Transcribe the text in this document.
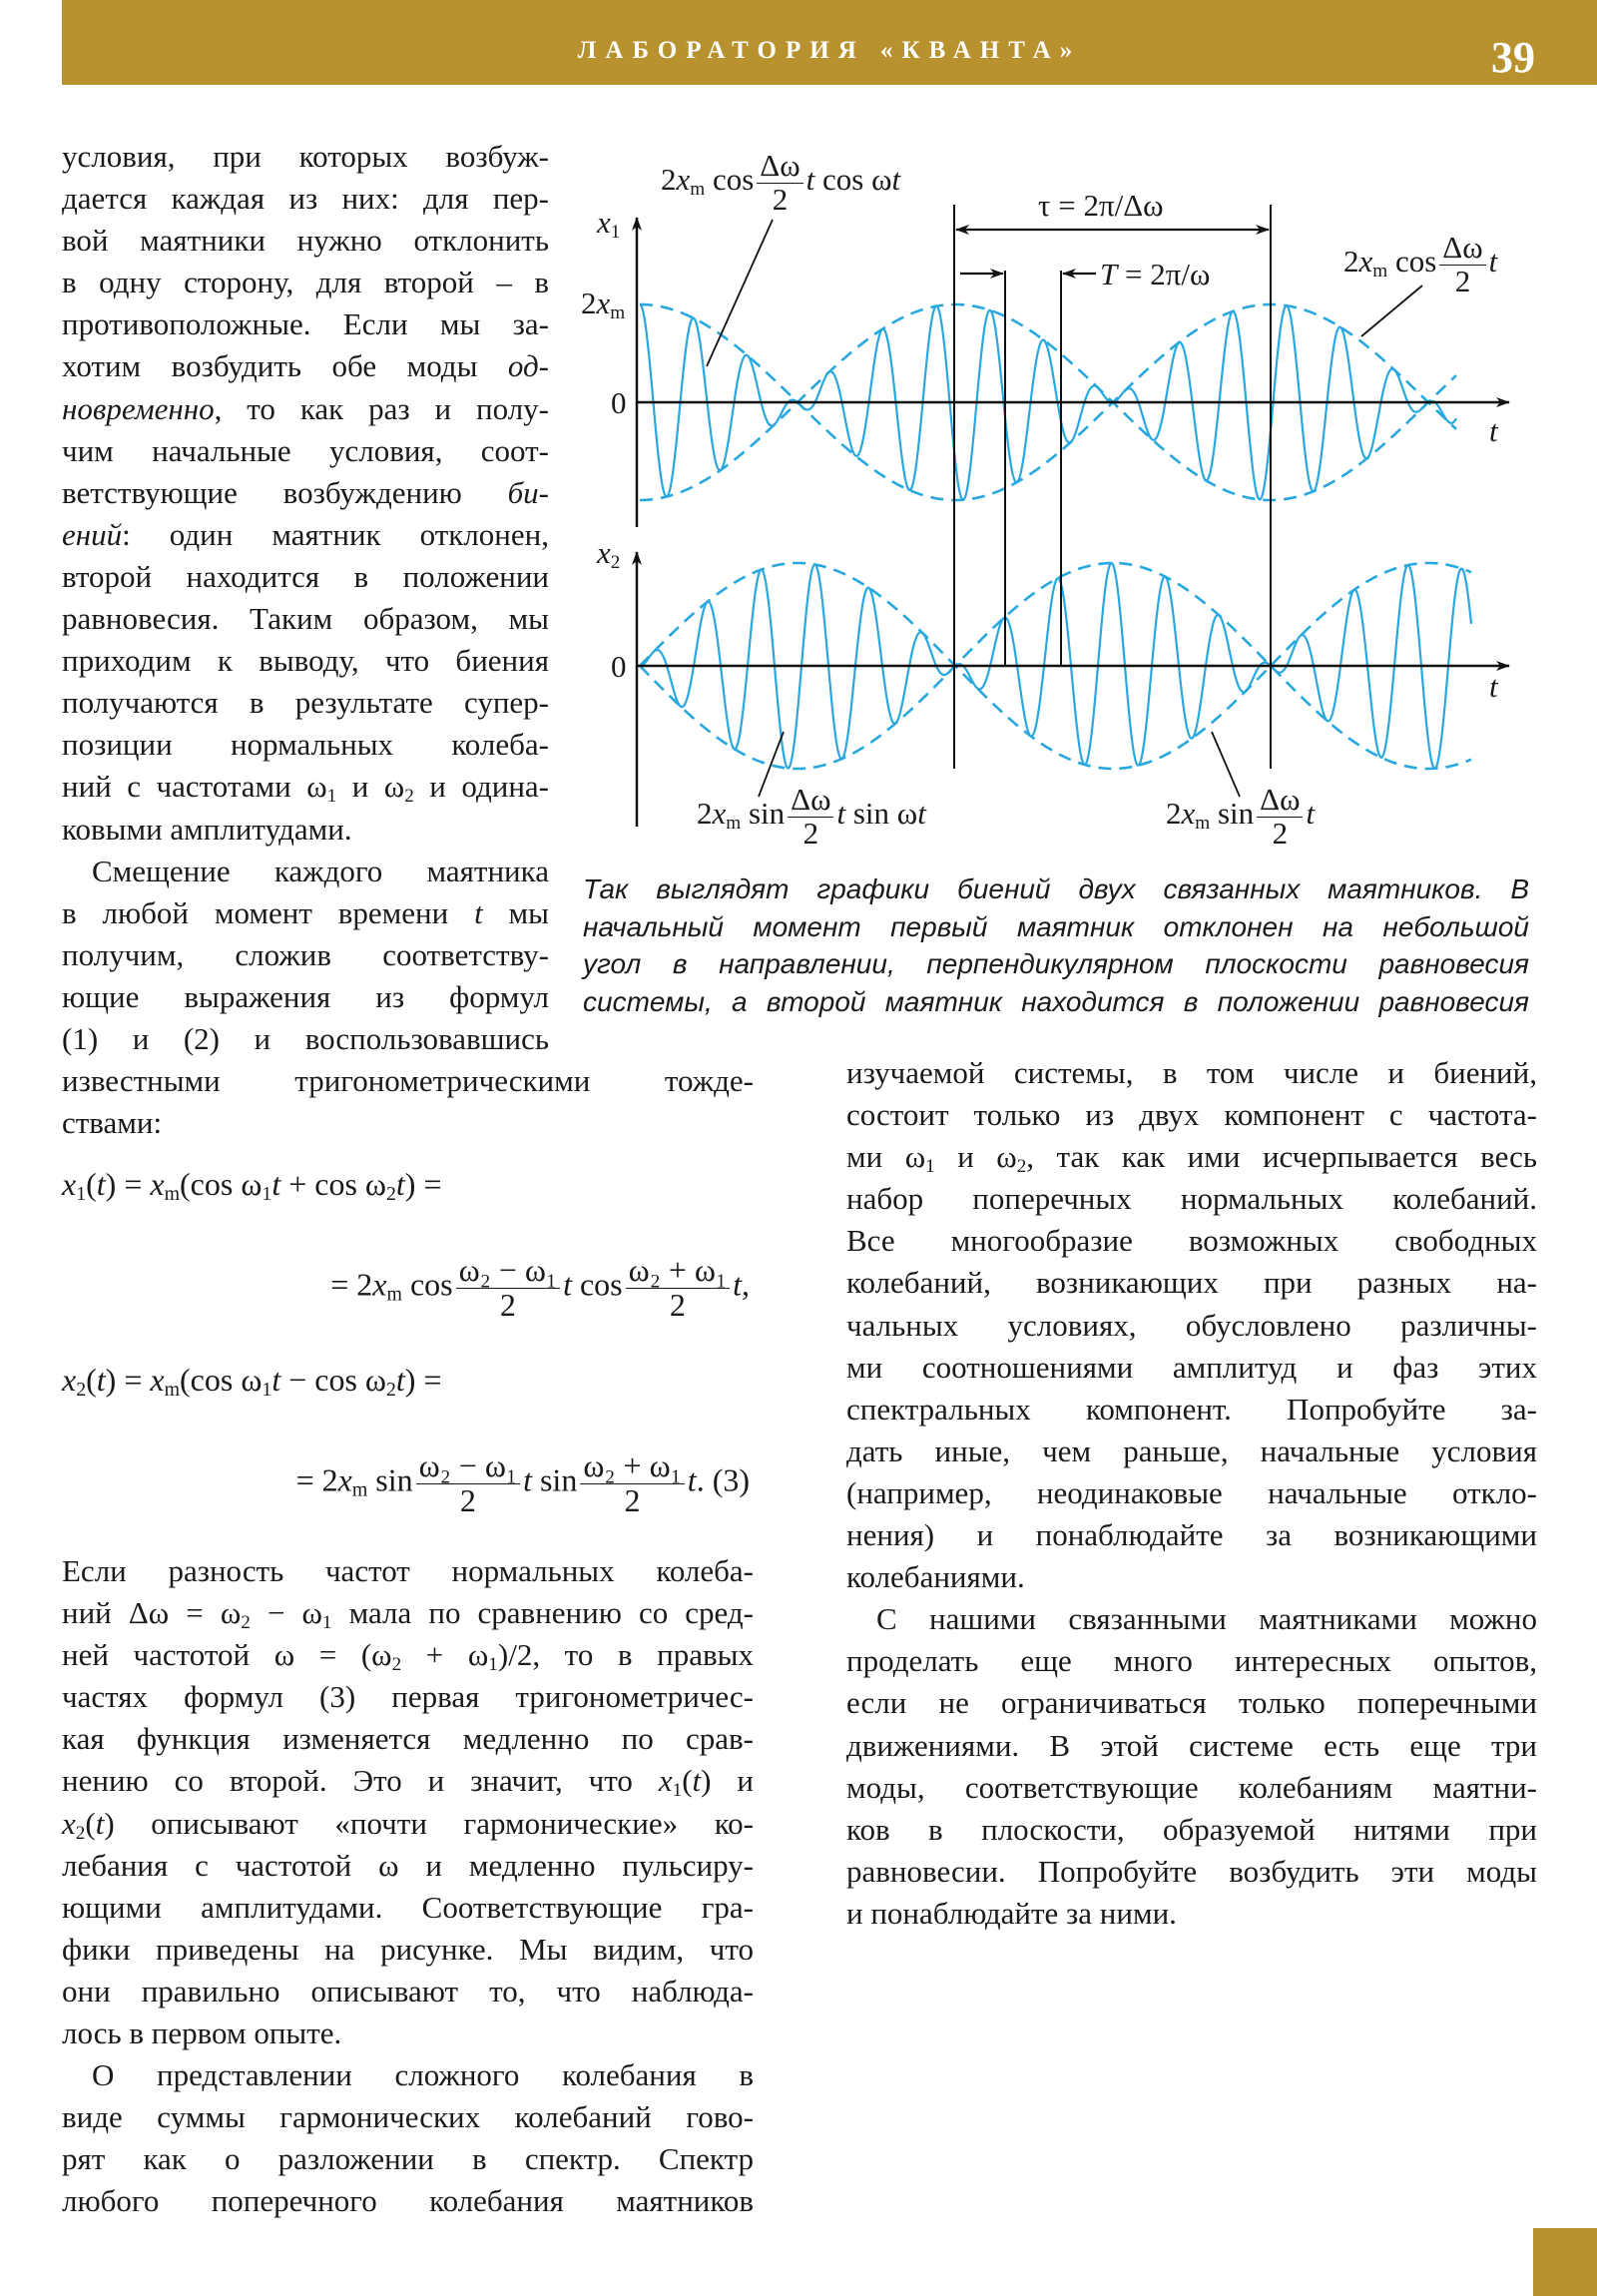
ЛАБОРАТОРИЯ «КВАНТА»	39
условия, при которых возбуж-
дается каждая из них: для пер-
вой маятники нужно отклонить
в одну сторону, для второй – в
противоположные. Если мы за-
хотим возбудить обе моды од-
новременно, то как раз и полу-
чим начальные условия, соот-
ветствующие возбуждению би-
ений: один маятник отклонен,
второй находится в положении
равновесия. Таким образом, мы
приходим к выводу, что биения
получаются в результате супер-
позиции нормальных колеба-
ний с частотами $\omega_1$ и $\omega_2$ и одина-
ковыми амплитудами.
Смещение каждого маятника
в любой момент времени t мы
получим, сложив соответству-
ющие выражения из формул
(1) и (2) и воспользовавшись
известными тригонометрическими тожде-
ствами:
$x_1(t) = x_m(\cos$ $\omega_1t + \cos \omega_2t$) =
= $2x_m$ $\cos \frac{\text{ω₂ − ω₁}}{2}$ t $\cos \frac{\text{ω₂ + ω₁}}{2} t$,
$x_2(t) = x_m(\cos$ $\omega_1t - \cos \omega_2t$) =
= $2x_m$ $\sin \frac{\text{ω₂ − ω₁}}{2}$ t $\sin \frac{\text{ω₂ + ω₁}}{2} t$. (3)
Если разность частот нормальных колеба-
ний $\Delta\omega = \omega_2 - \omega_1$ мала по сравнению со сред-
ней частотой $\omega = (\omega_2 + \omega_1)/2$, то в правых
частях формул (3) первая тригонометричес-
кая функция изменяется медленно по срав-
нению со второй. Это и значит, что $x_1(t)$ и
$x_2(t)$ описывают «почти гармонические» ко-
лебания с частотой ω и медленно пульсиру-
ющими амплитудами. Соответствующие гра-
фики приведены на рисунке. Мы видим, что
они правильно описывают то, что наблюда-
лось в первом опыте.
О представлении сложного колебания в
виде суммы гармонических колебаний гово-
рят как о разложении в спектр. Спектр
любого поперечного колебания маятников
изучаемой системы, в том числе и биений,
состоит только из двух компонент с частота-
ми $\omega_1$ и $\omega_2$, так как ими исчерпывается весь
набор поперечных нормальных колебаний.
Все многообразие возможных свободных
колебаний, возникающих при разных на-
чальных условиях, обусловлено различны-
ми соотношениями амплитуд и фаз этих
спектральных компонент. Попробуйте за-
дать иные, чем раньше, начальные условия
(например, неодинаковые начальные откло-
нения) и понаблюдайте за возникающими
колебаниями.
С нашими связанными маятниками можно
проделать еще много интересных опытов,
если не ограничиваться только поперечными
движениями. В этой системе есть еще три
моды, соответствующие колебаниям маятни-
ков в плоскости, образуемой нитями при
равновесии. Попробуйте возбудить эти моды
и понаблюдайте за ними.
$2x_m$ $\cos \frac{\Delta\omega}{2}$ t cos ωt
$x_1$
$2x_m$
0
t
τ = 2π/Δω
T = 2π/ω	$2x_m$ $\cos \frac{\Delta\omega}{2}$ t
$x_2$
0
t
$2x_m$ $\sin \frac{\Delta\omega}{2}$ t sin ωt	$2x_m$ $\sin \frac{\Delta\omega}{2}$ t
Так выглядят графики биений двух связанных маятников. В
начальный момент первый маятник отклонен на небольшой
угол в направлении, перпендикулярном плоскости равновесия
системы, а второй маятник находится в положении равновесия
